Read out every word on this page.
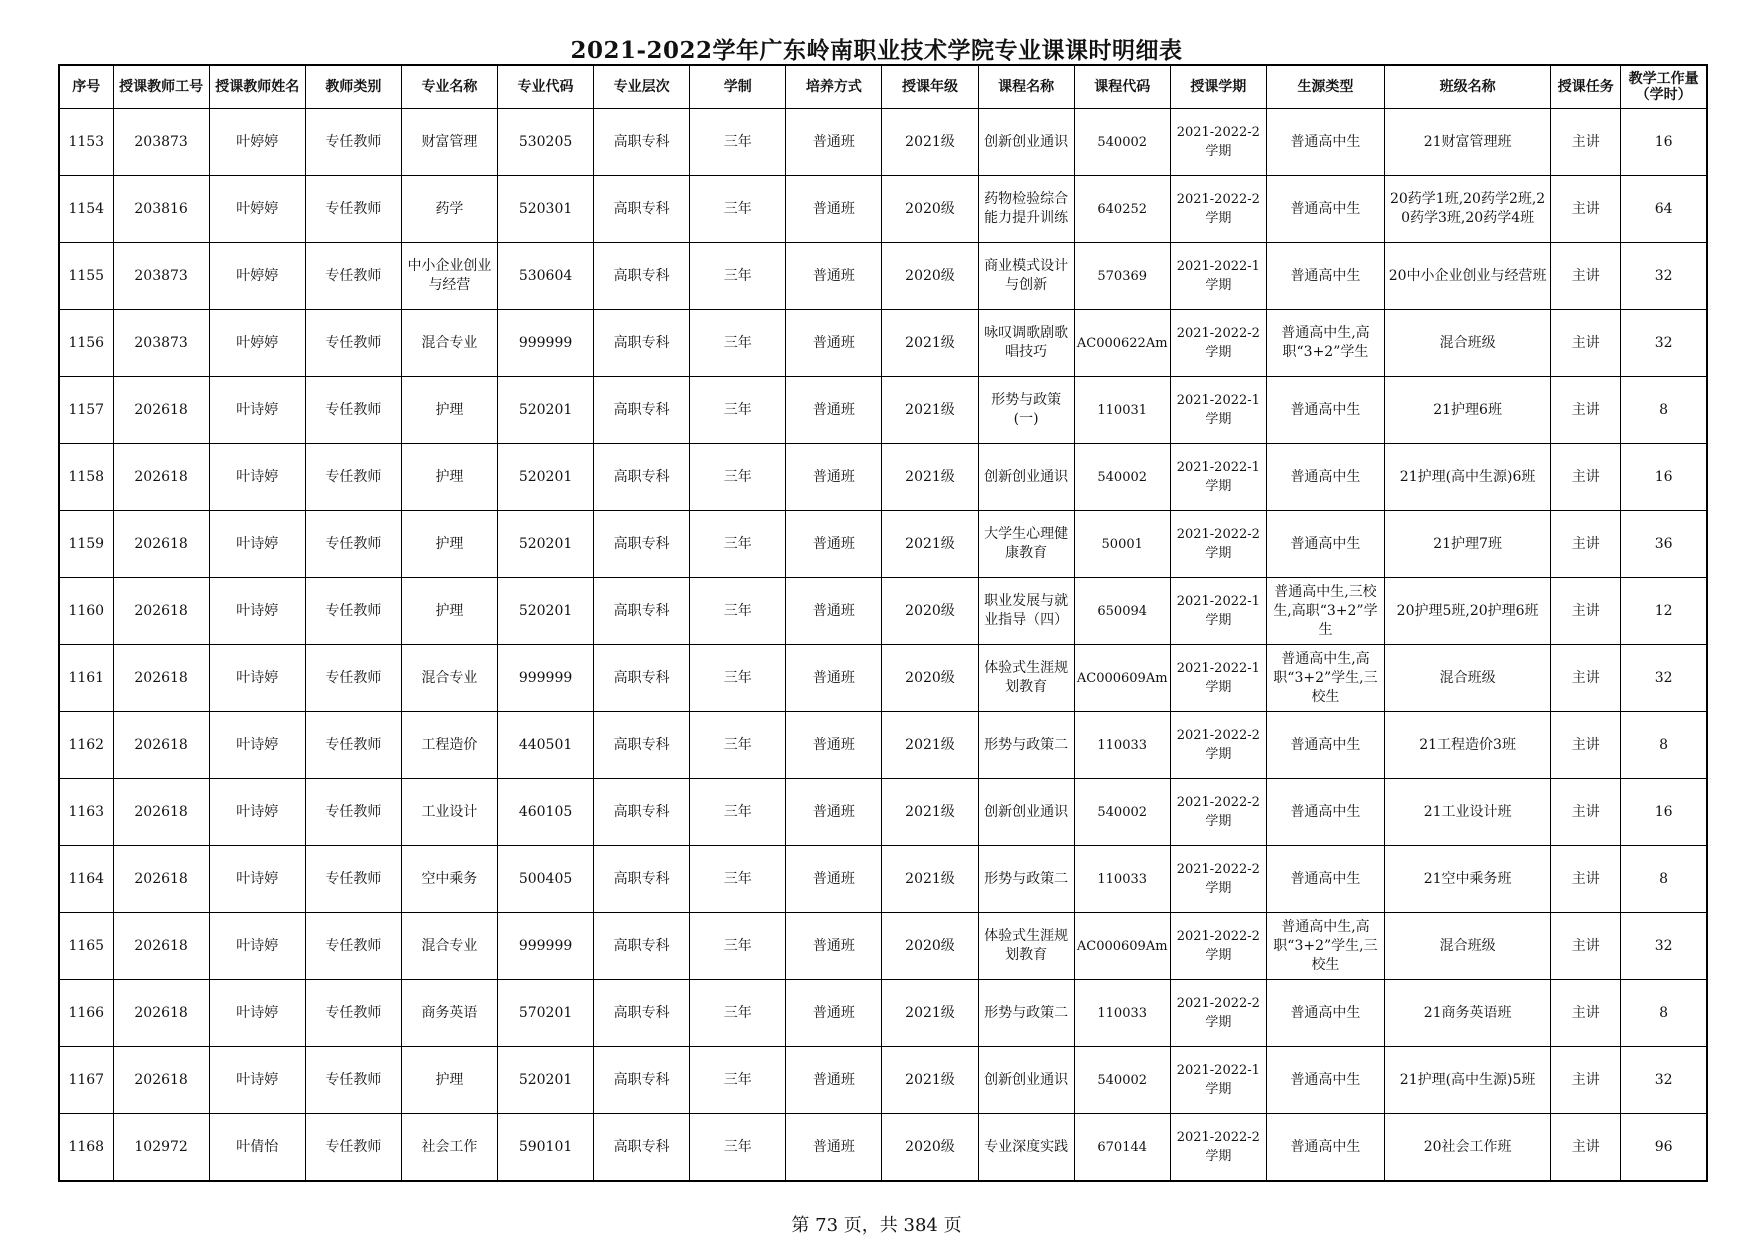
2021-2022学年广东岭南职业技术学院专业课课时明细表
序号	授课教师工号	授课教师姓名	教师类别	专业名称	专业代码	专业层次	学制	培养方式	授课年级	课程名称	课程代码	授课学期	生源类型	班级名称	授课任务	教学工作量（学时）
1153	203873	叶婷婷	专任教师	财富管理	530205	高职专科	三年	普通班	2021级	创新创业通识	540002	2021-2022-2学期	普通高中生	21财富管理班	主讲	16
1154	203816	叶婷婷	专任教师	药学	520301	高职专科	三年	普通班	2020级	药物检验综合能力提升训练	640252	2021-2022-2学期	普通高中生	20药学1班,20药学2班,20药学3班,20药学4班	主讲	64
1155	203873	叶婷婷	专任教师	中小企业创业与经营	530604	高职专科	三年	普通班	2020级	商业模式设计与创新	570369	2021-2022-1学期	普通高中生	20中小企业创业与经营班	主讲	32
1156	203873	叶婷婷	专任教师	混合专业	999999	高职专科	三年	普通班	2021级	咏叹调歌剧歌唱技巧	AC000622Am	2021-2022-2学期	普通高中生,高职“3+2”学生	混合班级	主讲	32
1157	202618	叶诗婷	专任教师	护理	520201	高职专科	三年	普通班	2021级	形势与政策(一)	110031	2021-2022-1学期	普通高中生	21护理6班	主讲	8
1158	202618	叶诗婷	专任教师	护理	520201	高职专科	三年	普通班	2021级	创新创业通识	540002	2021-2022-1学期	普通高中生	21护理(高中生源)6班	主讲	16
1159	202618	叶诗婷	专任教师	护理	520201	高职专科	三年	普通班	2021级	大学生心理健康教育	50001	2021-2022-2学期	普通高中生	21护理7班	主讲	36
1160	202618	叶诗婷	专任教师	护理	520201	高职专科	三年	普通班	2020级	职业发展与就业指导（四）	650094	2021-2022-1学期	普通高中生,三校生,高职“3+2”学生	20护理5班,20护理6班	主讲	12
1161	202618	叶诗婷	专任教师	混合专业	999999	高职专科	三年	普通班	2020级	体验式生涯规划教育	AC000609Am	2021-2022-1学期	普通高中生,高职“3+2”学生,三校生	混合班级	主讲	32
1162	202618	叶诗婷	专任教师	工程造价	440501	高职专科	三年	普通班	2021级	形势与政策二	110033	2021-2022-2学期	普通高中生	21工程造价3班	主讲	8
1163	202618	叶诗婷	专任教师	工业设计	460105	高职专科	三年	普通班	2021级	创新创业通识	540002	2021-2022-2学期	普通高中生	21工业设计班	主讲	16
1164	202618	叶诗婷	专任教师	空中乘务	500405	高职专科	三年	普通班	2021级	形势与政策二	110033	2021-2022-2学期	普通高中生	21空中乘务班	主讲	8
1165	202618	叶诗婷	专任教师	混合专业	999999	高职专科	三年	普通班	2020级	体验式生涯规划教育	AC000609Am	2021-2022-2学期	普通高中生,高职“3+2”学生,三校生	混合班级	主讲	32
1166	202618	叶诗婷	专任教师	商务英语	570201	高职专科	三年	普通班	2021级	形势与政策二	110033	2021-2022-2学期	普通高中生	21商务英语班	主讲	8
1167	202618	叶诗婷	专任教师	护理	520201	高职专科	三年	普通班	2021级	创新创业通识	540002	2021-2022-1学期	普通高中生	21护理(高中生源)5班	主讲	32
1168	102972	叶倩怡	专任教师	社会工作	590101	高职专科	三年	普通班	2020级	专业深度实践	670144	2021-2022-2学期	普通高中生	20社会工作班	主讲	96
第 73 页，共 384 页
